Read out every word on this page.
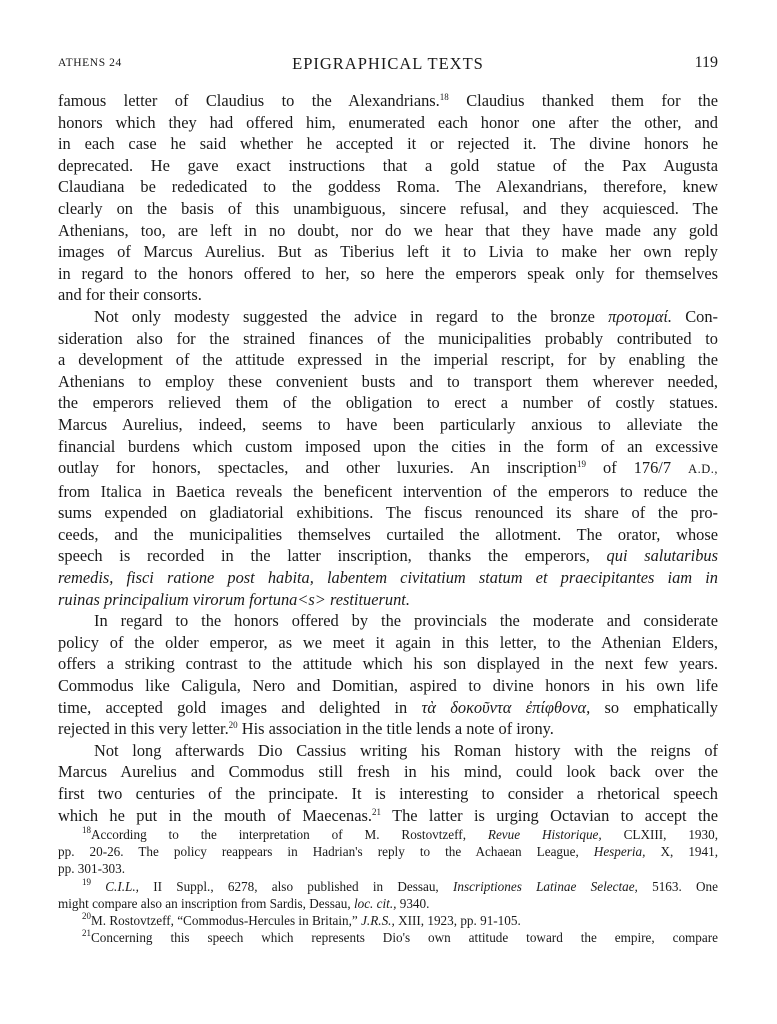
ATHENS 24	EPIGRAPHICAL TEXTS	119
famous letter of Claudius to the Alexandrians.$^{18}$ Claudius thanked them for the
honors which they had offered him, enumerated each honor one after the other, and
in each case he said whether he accepted it or rejected it. The divine honors he
deprecated. He gave exact instructions that a gold statue of the Pax Augusta
Claudiana be rededicated to the goddess Roma. The Alexandrians, therefore, knew
clearly on the basis of this unambiguous, sincere refusal, and they acquiesced. The
Athenians, too, are left in no doubt, nor do we hear that they have made any gold
images of Marcus Aurelius. But as Tiberius left it to Livia to make her own reply
in regard to the honors offered to her, so here the emperors speak only for themselves
and for their consorts.
Not only modesty suggested the advice in regard to the bronze προτομαί. Con-
sideration also for the strained finances of the municipalities probably contributed to
a development of the attitude expressed in the imperial rescript, for by enabling the
Athenians to employ these convenient busts and to transport them wherever needed,
the emperors relieved them of the obligation to erect a number of costly statues.
Marcus Aurelius, indeed, seems to have been particularly anxious to alleviate the
financial burdens which custom imposed upon the cities in the form of an excessive
outlay for honors, spectacles, and other luxuries. An inscription$^{19}$ of 176/7 A.D.,
from Italica in Baetica reveals the beneficent intervention of the emperors to reduce the
sums expended on gladiatorial exhibitions. The fiscus renounced its share of the pro-
ceeds, and the municipalities themselves curtailed the allotment. The orator, whose
speech is recorded in the latter inscription, thanks the emperors, qui salutaribus
remedis, fisci ratione post habita, labentem civitatium statum et praecipitantes iam in
ruinas principalium virorum fortuna<s> restituerunt.
In regard to the honors offered by the provincials the moderate and considerate
policy of the older emperor, as we meet it again in this letter, to the Athenian Elders,
offers a striking contrast to the attitude which his son displayed in the next few years.
Commodus like Caligula, Nero and Domitian, aspired to divine honors in his own life
time, accepted gold images and delighted in τὰ δοκοῦντα ἐπίφθονα, so emphatically
rejected in this very letter.$^{20}$ His association in the title lends a note of irony.
Not long afterwards Dio Cassius writing his Roman history with the reigns of
Marcus Aurelius and Commodus still fresh in his mind, could look back over the
first two centuries of the principate. It is interesting to consider a rhetorical speech
which he put in the mouth of Maecenas.$^{21}$ The latter is urging Octavian to accept the
$^{18}$According to the interpretation of M. Rostovtzeff, Revue Historique, CLXIII, 1930,
pp. 20-26. The policy reappears in Hadrian's reply to the Achaean League, Hesperia, X, 1941,
pp. 301-303.
$^{19}$ C.I.L., II Suppl., 6278, also published in Dessau, Inscriptiones Latinae Selectae, 5163. One
might compare also an inscription from Sardis, Dessau, loc. cit., 9340.
$^{20}$M. Rostovtzeff, “Commodus-Hercules in Britain,” J.R.S., XIII, 1923, pp. 91-105.
$^{21}$Concerning this speech which represents Dio's own attitude toward the empire, compare
